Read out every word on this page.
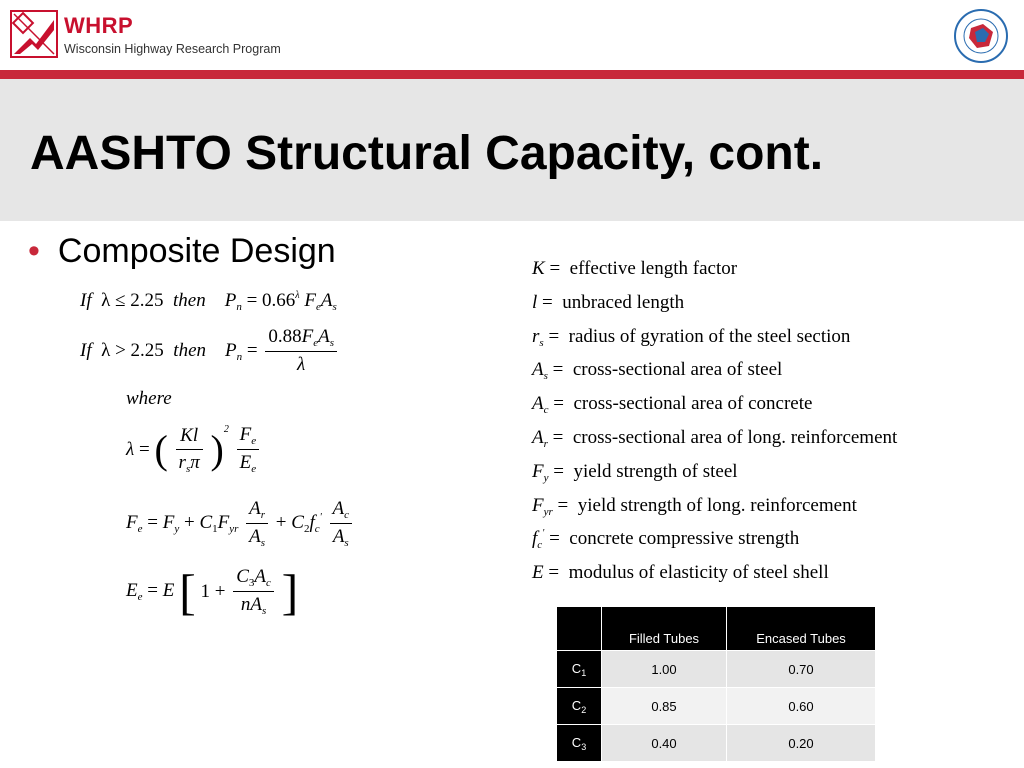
WHRP
Wisconsin Highway Research Program
AASHTO Structural Capacity, cont.
• Composite Design
If λ ≤ 2.25 then $P_n = 0.66^\lambda$ $F_eA_s$
If λ > 2.25 then $P_n = \frac{0.88F_eA_s}{\lambda}$
where
λ = ( $\frac{Kl}{r_s\pi} )^2 \frac{F_e}{E_e}$
$F_e = F_y + C_1F_{yr} \frac{A_r}{A_s} + C_2f_c' \frac{A_c}{A_s}$
$E_e = E$ [ $1 + \frac{C_3A_c}{nA_s}$ ]
K =  effective length factor
l =  unbraced length
$r_s$ =  radius of gyration of the steel section
$A_s$ =  cross-sectional area of steel
$A_c$ =  cross-sectional area of concrete
$A_r$ =  cross-sectional area of long. reinforcement
$F_y$ =  yield strength of steel
$F_{yr}$ =  yield strength of long. reinforcement
$f_c'$ =  concrete compressive strength
E =  modulus of elasticity of steel shell
	Filled Tubes	Encased Tubes
$C_1$	1.00	0.70
$C_2$	0.85	0.60
$C_3$	0.40	0.20
